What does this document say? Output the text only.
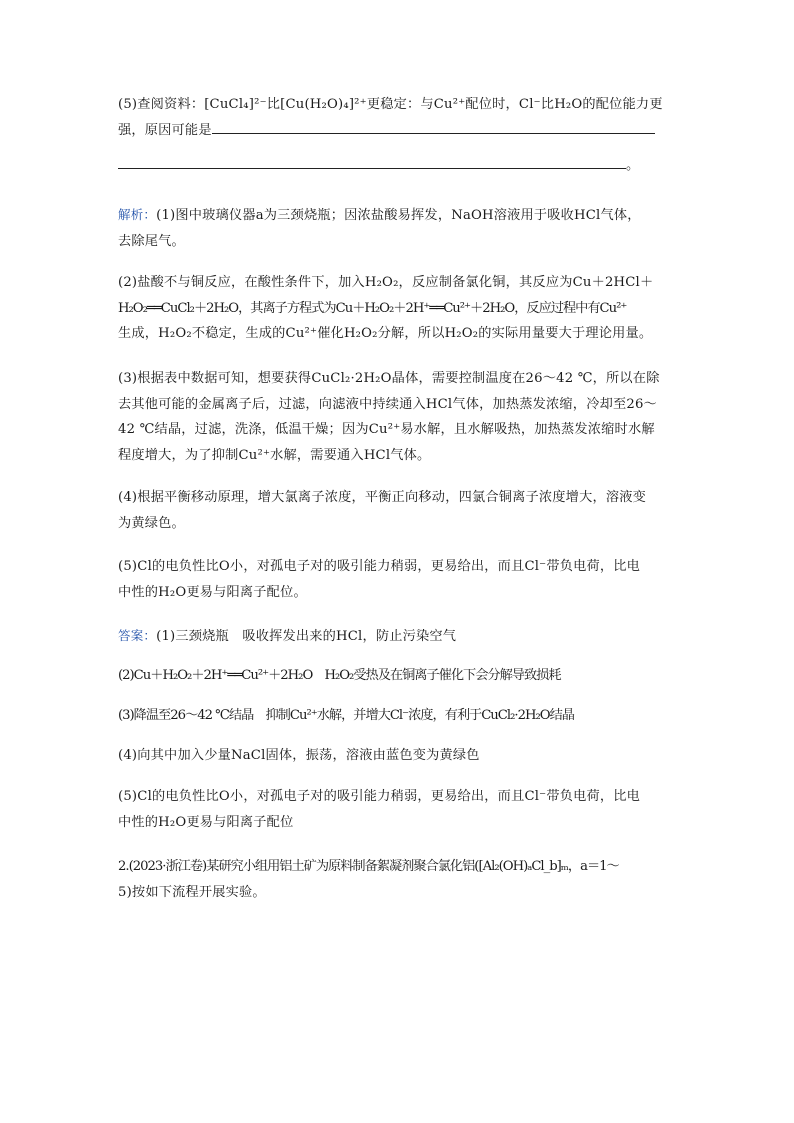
(5)查阅资料：[CuCl₄]²⁻比[Cu(H₂O)₄]²⁺更稳定：与Cu²⁺配位时，Cl⁻比H₂O的配位能力更
强，原因可能是
。
解析：(1)图中玻璃仪器a为三颈烧瓶；因浓盐酸易挥发，NaOH溶液用于吸收HCl气体，
去除尾气。
(2)盐酸不与铜反应，在酸性条件下，加入H₂O₂，反应制备氯化铜，其反应为Cu＋2HCl＋
H₂O₂══CuCl₂＋2H₂O，其离子方程式为Cu＋H₂O₂＋2H⁺══Cu²⁺＋2H₂O，反应过程中有Cu²⁺
生成，H₂O₂不稳定，生成的Cu²⁺催化H₂O₂分解，所以H₂O₂的实际用量要大于理论用量。
(3)根据表中数据可知，想要获得CuCl₂·2H₂O晶体，需要控制温度在26～42 ℃，所以在除
去其他可能的金属离子后，过滤，向滤液中持续通入HCl气体，加热蒸发浓缩，冷却至26～
42 ℃结晶，过滤，洗涤，低温干燥；因为Cu²⁺易水解，且水解吸热，加热蒸发浓缩时水解
程度增大，为了抑制Cu²⁺水解，需要通入HCl气体。
(4)根据平衡移动原理，增大氯离子浓度，平衡正向移动，四氯合铜离子浓度增大，溶液变
为黄绿色。
(5)Cl的电负性比O小，对孤电子对的吸引能力稍弱，更易给出，而且Cl⁻带负电荷，比电
中性的H₂O更易与阳离子配位。
答案：(1)三颈烧瓶　吸收挥发出来的HCl，防止污染空气
(2)Cu＋H₂O₂＋2H⁺══Cu²⁺＋2H₂O　H₂O₂受热及在铜离子催化下会分解导致损耗
(3)降温至26～42 ℃结晶　抑制Cu²⁺水解，并增大Cl⁻浓度，有利于CuCl₂·2H₂O结晶
(4)向其中加入少量NaCl固体，振荡，溶液由蓝色变为黄绿色
(5)Cl的电负性比O小，对孤电子对的吸引能力稍弱，更易给出，而且Cl⁻带负电荷，比电
中性的H₂O更易与阳离子配位
2.(2023·浙江卷)某研究小组用铝土矿为原料制备絮凝剂聚合氯化铝([Al₂(OH)ₐCl_b]ₘ，a＝1～
5)按如下流程开展实验。
